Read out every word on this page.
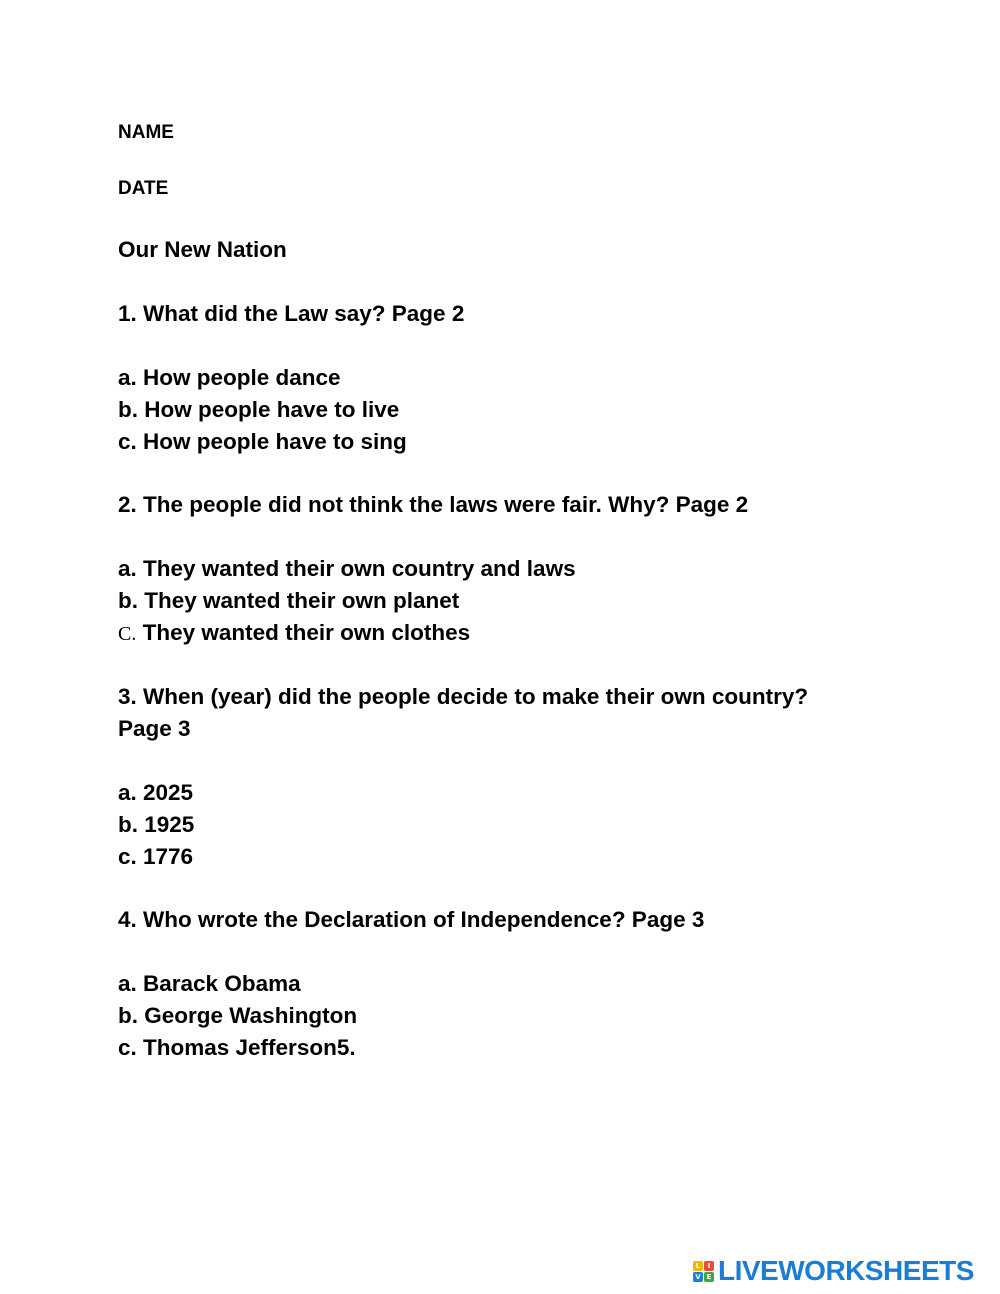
NAME
DATE
Our New Nation
1. What did the Law say? Page 2
a. How people dance
b. How people have to live
c. How people have to sing
2. The people did not think the laws were fair. Why? Page 2
a. They wanted their own country and laws
b. They wanted their own planet
C. They wanted their own clothes
3. When (year) did the people decide to make their own country?
Page 3
a. 2025
b. 1925
c. 1776
4. Who wrote the Declaration of Independence? Page 3
a. Barack Obama
b. George Washington
c. Thomas Jefferson5.
L	I
V E LIVEWORKSHEETS
